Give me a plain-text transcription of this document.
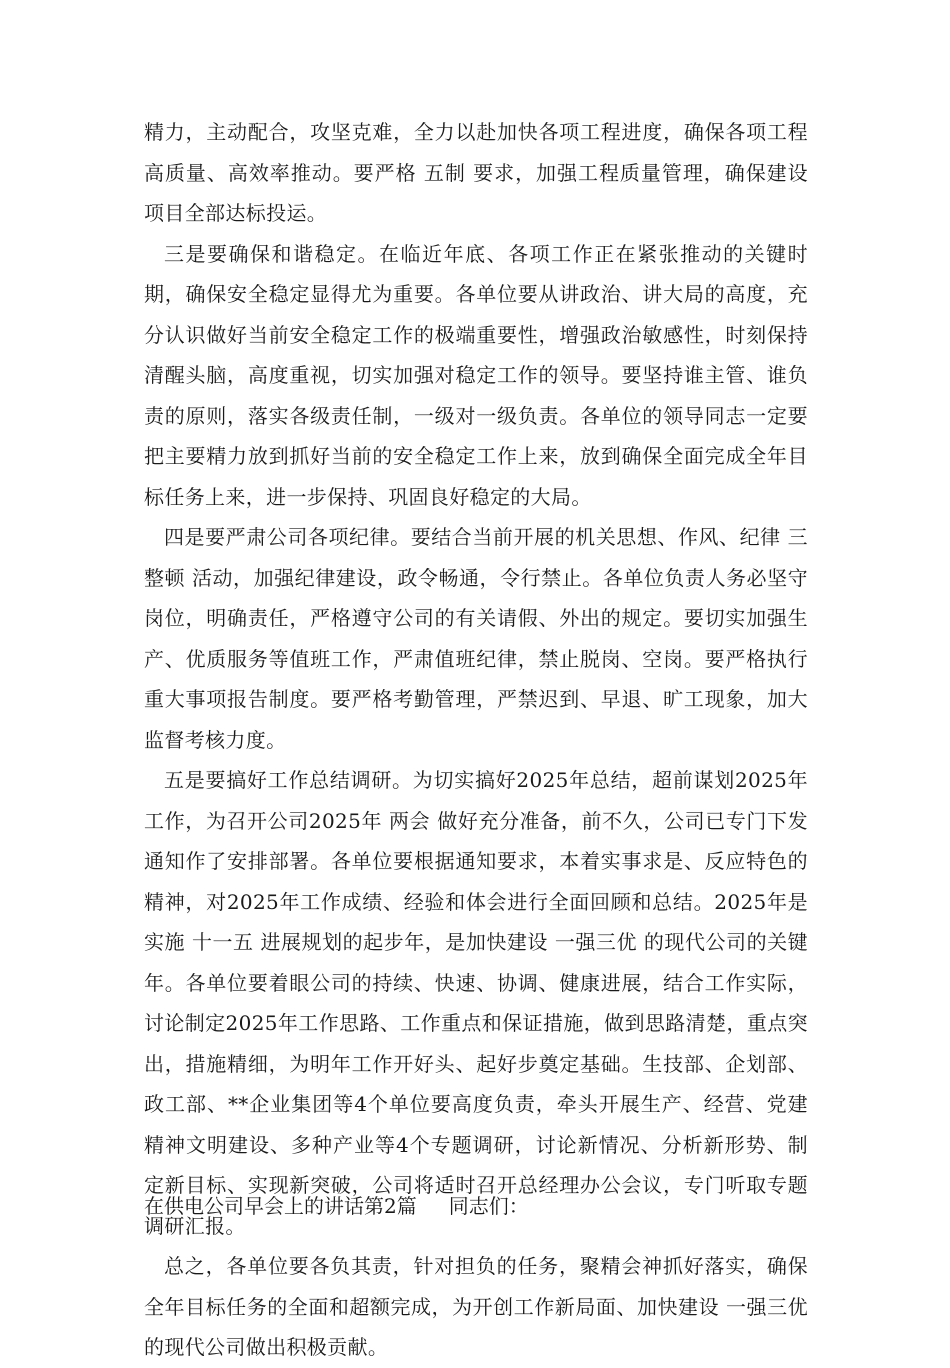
精力，主动配合，攻坚克难，全力以赴加快各项工程进度，确保各项工程高质量、高效率推动。要严格 五制 要求，加强工程质量管理，确保建设项目全部达标投运。

三是要确保和谐稳定。在临近年底、各项工作正在紧张推动的关键时期，确保安全稳定显得尤为重要。各单位要从讲政治、讲大局的高度，充分认识做好当前安全稳定工作的极端重要性，增强政治敏感性，时刻保持清醒头脑，高度重视，切实加强对稳定工作的领导。要坚持谁主管、谁负责的原则，落实各级责任制，一级对一级负责。各单位的领导同志一定要把主要精力放到抓好当前的安全稳定工作上来，放到确保全面完成全年目标任务上来，进一步保持、巩固良好稳定的大局。

四是要严肃公司各项纪律。要结合当前开展的机关思想、作风、纪律 三整顿 活动，加强纪律建设，政令畅通，令行禁止。各单位负责人务必坚守岗位，明确责任，严格遵守公司的有关请假、外出的规定。要切实加强生产、优质服务等值班工作，严肃值班纪律，禁止脱岗、空岗。要严格执行重大事项报告制度。要严格考勤管理，严禁迟到、早退、旷工现象，加大监督考核力度。

五是要搞好工作总结调研。为切实搞好2025年总结，超前谋划2025年工作，为召开公司2025年 两会 做好充分准备，前不久，公司已专门下发通知作了安排部署。各单位要根据通知要求，本着实事求是、反应特色的精神，对2025年工作成绩、经验和体会进行全面回顾和总结。2025年是实施 十一五 进展规划的起步年，是加快建设 一强三优 的现代公司的关键年。各单位要着眼公司的持续、快速、协调、健康进展，结合工作实际，讨论制定2025年工作思路、工作重点和保证措施，做到思路清楚，重点突出，措施精细，为明年工作开好头、起好步奠定基础。生技部、企划部、政工部、**企业集团等4个单位要高度负责，牵头开展生产、经营、党建精神文明建设、多种产业等4个专题调研，讨论新情况、分析新形势、制定新目标、实现新突破，公司将适时召开总经理办公会议，专门听取专题调研汇报。

总之，各单位要各负其责，针对担负的任务，聚精会神抓好落实，确保全年目标任务的全面和超额完成，为开创工作新局面、加快建设 一强三优 的现代公司做出积极贡献。

在供电公司早会上的讲话第2篇 同志们：
